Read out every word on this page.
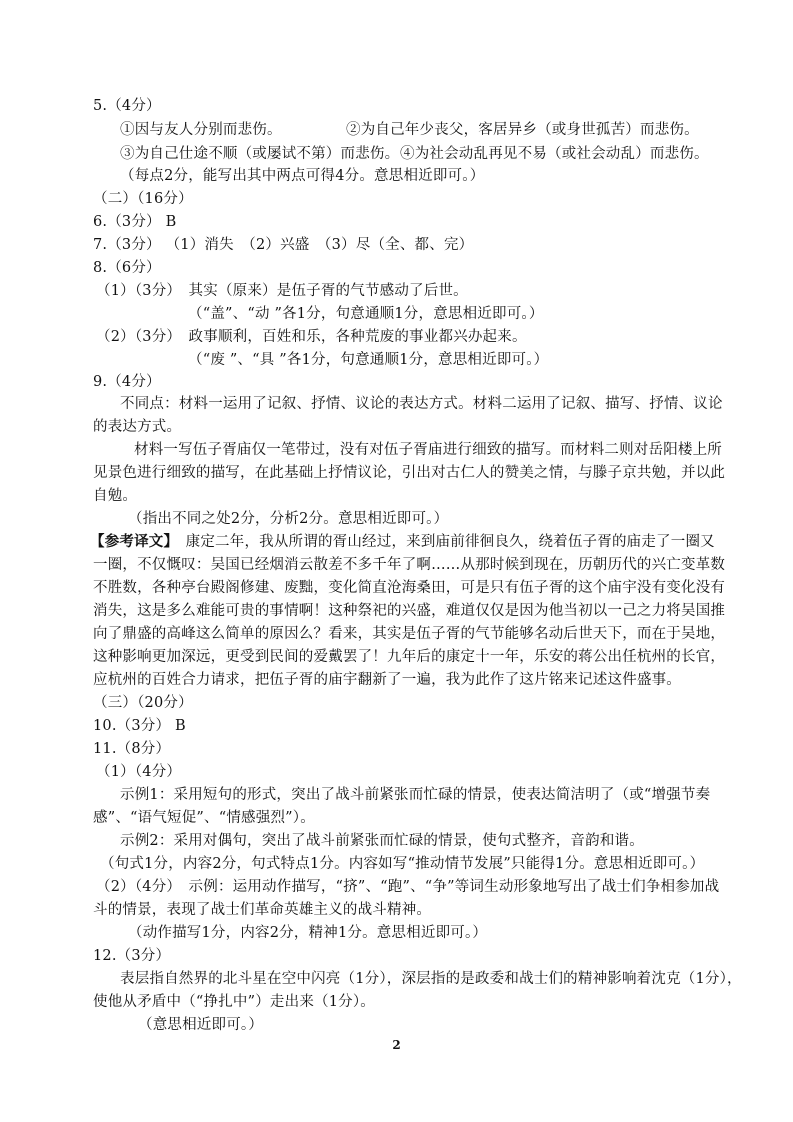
5.（4分）
①因与友人分别而悲伤。	②为自己年少丧父，客居异乡（或身世孤苦）而悲伤。
③为自己仕途不顺（或屡试不第）而悲伤。 ④为社会动乱再见不易（或社会动乱）而悲伤。
（每点2分，能写出其中两点可得4分。意思相近即可。）
（二）（16分）
6.（3分） B
7.（3分） （1）消失　（2）兴盛　（3）尽（全、都、完）
8.（6分）
（1）（3分）　其实（原来）是伍子胥的气节感动了后世。
（“盖”、“动 ”各1分，句意通顺1分，意思相近即可。）
（2）（3分）　政事顺利，百姓和乐，各种荒废的事业都兴办起来。
（“废 ”、“具 ”各1分，句意通顺1分，意思相近即可。）
9.（4分）
不同点：材料一运用了记叙、抒情、议论的表达方式。材料二运用了记叙、描写、抒情、议论
的表达方式。
材料一写伍子胥庙仅一笔带过，没有对伍子胥庙进行细致的描写。而材料二则对岳阳楼上所
见景色进行细致的描写，在此基础上抒情议论，引出对古仁人的赞美之情，与滕子京共勉，并以此
自勉。
（指出不同之处2分，分析2分。意思相近即可。）
【参考译文】　康定二年，我从所谓的胥山经过，来到庙前徘徊良久，绕着伍子胥的庙走了一圈又
一圈，不仅慨叹：吴国已经烟消云散差不多千年了啊……从那时候到现在，历朝历代的兴亡变革数
不胜数，各种亭台殿阁修建、废黜，变化简直沧海桑田，可是只有伍子胥的这个庙宇没有变化没有
消失，这是多么难能可贵的事情啊！这种祭祀的兴盛，难道仅仅是因为他当初以一己之力将吴国推
向了鼎盛的高峰这么简单的原因么？看来，其实是伍子胥的气节能够名动后世天下，而在于吴地，
这种影响更加深远，更受到民间的爱戴罢了！九年后的康定十一年，乐安的蒋公出任杭州的长官，
应杭州的百姓合力请求，把伍子胥的庙宇翻新了一遍，我为此作了这片铭来记述这件盛事。
（三）（20分）
10.（3分） B
11.（8分）
（1）（4分）
示例1：采用短句的形式，突出了战斗前紧张而忙碌的情景，使表达简洁明了（或“增强节奏
感”、“语气短促”、“情感强烈”）。
示例2：采用对偶句，突出了战斗前紧张而忙碌的情景，使句式整齐，音韵和谐。
（句式1分，内容2分，句式特点1分。内容如写“推动情节发展”只能得1分。意思相近即可。）
（2）（4分）　示例：运用动作描写，“挤”、“跑”、“争”等词生动形象地写出了战士们争相参加战
斗的情景，表现了战士们革命英雄主义的战斗精神。
（动作描写1分，内容2分，精神1分。意思相近即可。）
12.（3分）
表层指自然界的北斗星在空中闪亮（1分），深层指的是政委和战士们的精神影响着沈克（1分），
使他从矛盾中（“挣扎中”）走出来（1分）。
（意思相近即可。）
2
